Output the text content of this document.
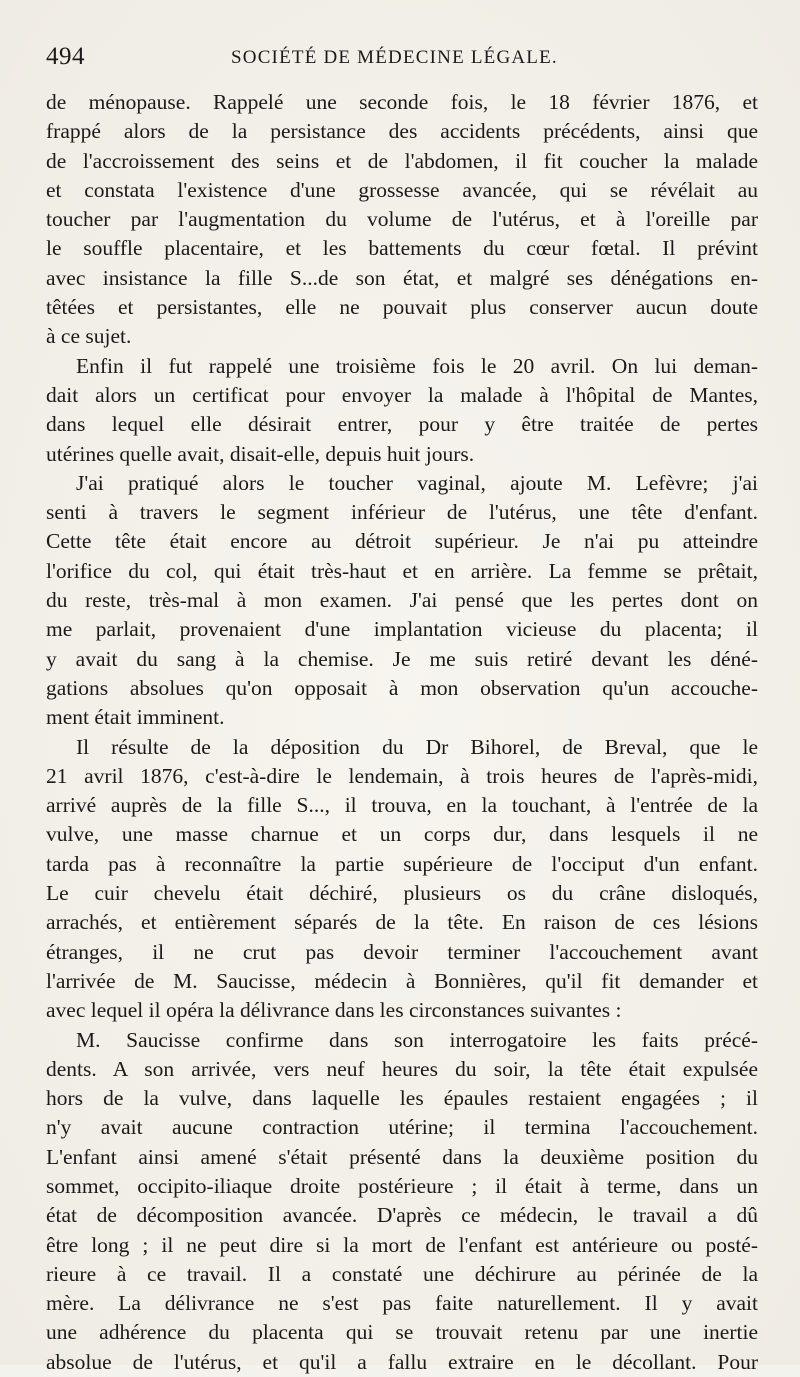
494	SOCIÉTÉ DE MÉDECINE LÉGALE.
de ménopause. Rappelé une seconde fois, le 18 février 1876, et
frappé alors de la persistance des accidents précédents, ainsi que
de l'accroissement des seins et de l'abdomen, il fit coucher la malade
et constata l'existence d'une grossesse avancée, qui se révélait au
toucher par l'augmentation du volume de l'utérus, et à l'oreille par
le souffle placentaire, et les battements du cœur fœtal. Il prévint
avec insistance la fille S...de son état, et malgré ses dénégations en-
têtées et persistantes, elle ne pouvait plus conserver aucun doute
à ce sujet.
Enfin il fut rappelé une troisième fois le 20 avril. On lui deman-
dait alors un certificat pour envoyer la malade à l'hôpital de Mantes,
dans lequel elle désirait entrer, pour y être traitée de pertes
utérines quelle avait, disait-elle, depuis huit jours.
J'ai pratiqué alors le toucher vaginal, ajoute M. Lefèvre; j'ai
senti à travers le segment inférieur de l'utérus, une tête d'enfant.
Cette tête était encore au détroit supérieur. Je n'ai pu atteindre
l'orifice du col, qui était très-haut et en arrière. La femme se prêtait,
du reste, très-mal à mon examen. J'ai pensé que les pertes dont on
me parlait, provenaient d'une implantation vicieuse du placenta; il
y avait du sang à la chemise. Je me suis retiré devant les déné-
gations absolues qu'on opposait à mon observation qu'un accouche-
ment était imminent.
Il résulte de la déposition du Dr Bihorel, de Breval, que le
21 avril 1876, c'est-à-dire le lendemain, à trois heures de l'après-midi,
arrivé auprès de la fille S..., il trouva, en la touchant, à l'entrée de la
vulve, une masse charnue et un corps dur, dans lesquels il ne
tarda pas à reconnaître la partie supérieure de l'occiput d'un enfant.
Le cuir chevelu était déchiré, plusieurs os du crâne disloqués,
arrachés, et entièrement séparés de la tête. En raison de ces lésions
étranges, il ne crut pas devoir terminer l'accouchement avant
l'arrivée de M. Saucisse, médecin à Bonnières, qu'il fit demander et
avec lequel il opéra la délivrance dans les circonstances suivantes :
M. Saucisse confirme dans son interrogatoire les faits précé-
dents. A son arrivée, vers neuf heures du soir, la tête était expulsée
hors de la vulve, dans laquelle les épaules restaient engagées ; il
n'y avait aucune contraction utérine; il termina l'accouchement.
L'enfant ainsi amené s'était présenté dans la deuxième position du
sommet, occipito-iliaque droite postérieure ; il était à terme, dans un
état de décomposition avancée. D'après ce médecin, le travail a dû
être long ; il ne peut dire si la mort de l'enfant est antérieure ou posté-
rieure à ce travail. Il a constaté une déchirure au périnée de la
mère. La délivrance ne s'est pas faite naturellement. Il y avait
une adhérence du placenta qui se trouvait retenu par une inertie
absolue de l'utérus, et qu'il a fallu extraire en le décollant. Pour
